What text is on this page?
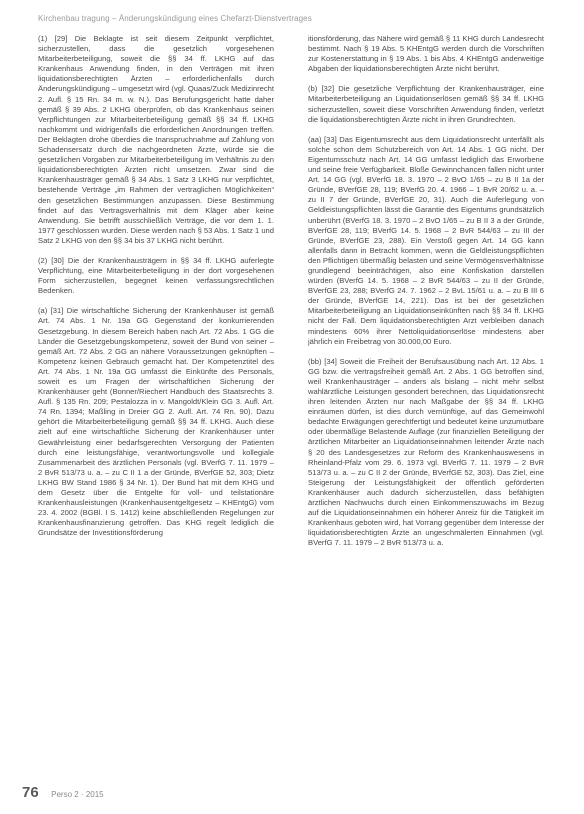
Kirchenbau tragung – Änderungskündigung eines Chefarzt-Dienstvertrages

(1) [29] Die Beklagte ist seit diesem Zeitpunkt verpflichtet, sicherzustellen, dass die gesetzlich vorgesehenen Mitarbeiterbeteiligung, soweit die §§ 34 ff. LKHG auf das Krankenhaus Anwendung finden, in den Verträgen mit ihren liquidationsberechtigten Ärzten – erforderlichenfalls durch Änderungskündigung – umgesetzt wird (vgl. Quaas/Zuck Medizinrecht 2. Aufl. § 15 Rn. 34 m. w. N.). Das Berufungsgericht hatte daher gemäß § 39 Abs. 2 LKHG überprüfen, ob das Krankenhaus seinen Verpflichtungen zur Mitarbeiterbeteiligung gemäß §§ 34 ff. LKHG nachkommt und widrigenfalls die erforderlichen Anordnungen treffen. Der Beklagten drohe überdies die Inanspruchnahme auf Zahlung von Schadensersatz durch die nachgeordneten Ärzte, würde sie die gesetzlichen Vorgaben zur Mitarbeiterbeteiligung im Verhältnis zu den liquidationsberechtigten Ärzten nicht umsetzen. Zwar sind die Krankenhausträger gemäß § 34 Abs. 1 Satz 3 LKHG nur verpflichtet, bestehende Verträge „im Rahmen der vertraglichen Möglichkeiten“ den gesetzlichen Bestimmungen anzupassen. Diese Bestimmung findet auf das Vertragsverhältnis mit dem Kläger aber keine Anwendung. Sie betrifft ausschließlich Verträge, die vor dem 1. 1. 1977 geschlossen wurden. Diese werden nach § 53 Abs. 1 Satz 1 und Satz 2 LKHG von den §§ 34 bis 37 LKHG nicht berührt.

(2) [30] Die der Krankenhausträgern in §§ 34 ff. LKHG auferlegte Verpflichtung, eine Mitarbeiterbeteiligung in der dort vorgesehenen Form sicherzustellen, begegnet keinen verfassungsrechtlichen Bedenken.

(a) [31] Die wirtschaftliche Sicherung der Krankenhäuser ist gemäß Art. 74 Abs. 1 Nr. 19a GG Gegenstand der konkurrierenden Gesetzgebung. In diesem Bereich haben nach Art. 72 Abs. 1 GG die Länder die Gesetzgebungskompetenz, soweit der Bund von seiner – gemäß Art. 72 Abs. 2 GG an nähere Voraussetzungen geknüpften – Kompetenz keinen Gebrauch gemacht hat. Der Kompetenztitel des Art. 74 Abs. 1 Nr. 19a GG umfasst die Einkünfte des Personals, soweit es um Fragen der wirtschaftlichen Sicherung der Krankenhäuser geht (Bonner/Riechert Handbuch des Staatsrechts 3. Aufl. § 135 Rn. 209; Pestalozza in v. Mangoldt/Klein GG 3. Aufl. Art. 74 Rn. 1394; Maßling in Dreier GG 2. Aufl. Art. 74 Rn. 90). Dazu gehört die Mitarbeiterbeteiligung gemäß §§ 34 ff. LKHG. Auch diese zielt auf eine wirtschaftliche Sicherung der Krankenhäuser unter Gewährleistung einer bedarfsgerechten Versorgung der Patienten durch eine leistungsfähige, verantwortungsvolle und kollegiale Zusammenarbeit des ärztlichen Personals (vgl. BVerfG 7. 11. 1979 – 2 BvR 513/73 u. a. – zu C II 1 a der Gründe, BVerfGE 52, 303; Dietz LKHG BW Stand 1986 § 34 Nr. 1). Der Bund hat mit dem KHG und dem Gesetz über die Entgelte für voll- und teilstationäre Krankenhausleistungen (Krankenhausentgeltgesetz – KHEntgG) vom 23. 4. 2002 (BGBl. I S. 1412) keine abschließenden Regelungen zur Krankenhausfinanzierung getroffen. Das KHG regelt lediglich die Grundsätze der Investitionsförderung

itionsförderung, das Nähere wird gemäß § 11 KHG durch Landesrecht bestimmt. Nach § 19 Abs. 5 KHEntgG werden durch die Vorschriften zur Kostenerstattung in § 19 Abs. 1 bis Abs. 4 KHEntgG anderweitige Abgaben der liquidationsberechtigten Ärzte nicht berührt.

(b) [32] Die gesetzliche Verpflichtung der Krankenhausträger, eine Mitarbeiterbeteiligung an Liquidationserlösen gemäß §§ 34 ff. LKHG sicherzustellen, soweit diese Vorschriften Anwendung finden, verletzt die liquidationsberechtigten Ärzte nicht in ihren Grundrechten.

(aa) [33] Das Eigentumsrecht aus dem Liquidationsrecht unterfällt als solche schon dem Schutzbereich von Art. 14 Abs. 1 GG nicht. Der Eigentumsschutz nach Art. 14 GG umfasst lediglich das Erworbene und seine freie Verfügbarkeit. Bloße Gewinnchancen fallen nicht unter Art. 14 GG (vgl. BVerfG 18. 3. 1970 – 2 BvO 1/65 – zu B II 1a der Gründe, BVerfGE 28, 119; BVerfG 20. 4. 1966 – 1 BvR 20/62 u. a. – zu II 7 der Gründe, BVerfGE 20, 31). Auch die Auferlegung von Geldleistungspflichten lässt die Garantie des Eigentums grundsätzlich unberührt (BVerfG 18. 3. 1970 – 2 BvO 1/65 – zu B II 3 a der Gründe, BVerfGE 28, 119; BVerfG 14. 5. 1968 – 2 BvR 544/63 – zu III der Gründe, BVerfGE 23, 288). Ein Verstoß gegen Art. 14 GG kann allenfalls dann in Betracht kommen, wenn die Geldleistungspflichten den Pflichtigen übermäßig belasten und seine Vermögensverhältnisse grundlegend beeinträchtigen, also eine Konfiskation darstellen würden (BVerfG 14. 5. 1968 – 2 BvR 544/63 – zu II der Gründe, BVerfGE 23, 288; BVerfG 24. 7. 1962 – 2 BvL 15/61 u. a. – zu B III 6 der Gründe, BVerfGE 14, 221). Das ist bei der gesetzlichen Mitarbeiterbeteiligung an Liquidationseinkünften nach §§ 34 ff. LKHG nicht der Fall. Dem liquidationsberechtigten Arzt verbleiben danach mindestens 60% ihrer Nettoliquidationserlöse mindestens aber jährlich ein Freibetrag von 30.000,00 Euro.

(bb) [34] Soweit die Freiheit der Berufsausübung nach Art. 12 Abs. 1 GG bzw. die vertragsfreiheit gemäß Art. 2 Abs. 1 GG betroffen sind, weil Krankenhausträger – anders als bislang – nicht mehr selbst wahlärztliche Leistungen gesondert berechnen, das Liquidationsrecht ihren leitenden Ärzten nur nach Maßgabe der §§ 34 ff. LKHG einräumen dürfen, ist dies durch vernünftige, auf das Gemeinwohl bedachte Erwägungen gerechtfertigt und bedeutet keine unzumutbare oder übermäßige Belastende Auflage (zur finanziellen Beteiligung der ärztlichen Mitarbeiter an Liquidationseinnahmen leitender Ärzte nach § 20 des Landesgesetzes zur Reform des Krankenhauswesens in Rheinland-Pfalz vom 29. 6. 1973 vgl. BVerfG 7. 11. 1979 – 2 BvR 513/73 u. a. – zu C II 2 der Gründe, BVerfGE 52, 303). Das Ziel, eine Steigerung der Leistungsfähigkeit der öffentlich geförderten Krankenhäuser auch dadurch sicherzustellen, dass befähigten ärztlichen Nachwuchs durch einen Einkommenszuwachs im Bezug auf die Liquidationseinnahmen ein höherer Anreiz für die Tätigkeit im Krankenhaus geboten wird, hat Vorrang gegenüber dem Interesse der liquidationsberechtigten Ärzte an ungeschmälerten Einnahmen (vgl. BVerfG 7. 11. 1979 – 2 BvR 513/73 u. a.

76 Perso 2 · 2015
